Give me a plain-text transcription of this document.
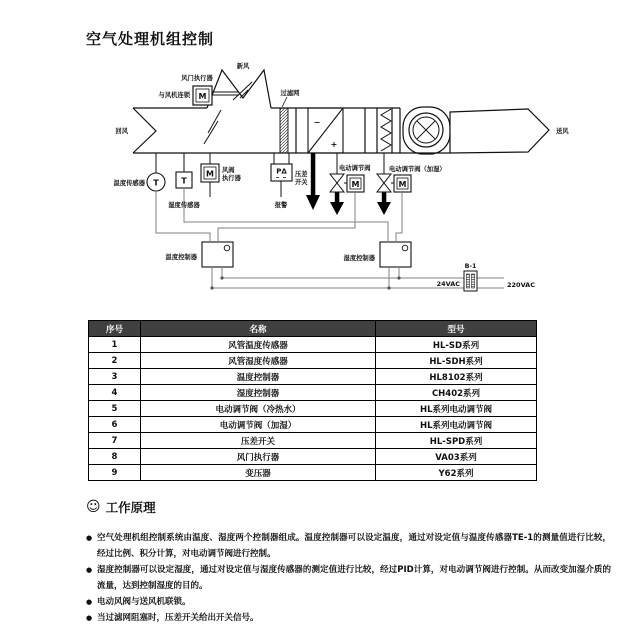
空气处理机组控制
M
−
+
T	T
M	PΔ
M	M
新风
风门执行器
与风机连锁	过滤网
回风	送风
温度传感器
湿度传感器
风阀
执行器
压差
开关
报警
电动调节阀	电动调节阀（加湿）
温度控制器	湿度控制器
B-1
24VAC	220VAC
序号	名称	型号
1	风管温度传感器	HL-SD系列
2	风管湿度传感器	HL-SDH系列
3	温度控制器	HL8102系列
4	湿度控制器	CH402系列
5	电动调节阀（冷热水）	HL系列电动调节阀
6	电动调节阀（加湿）	HL系列电动调节阀
7	压差开关	HL-SPD系列
8	风门执行器	VA03系列
9	变压器	Y62系列
☺ 工作原理
● 空气处理机组控制系统由温度、湿度两个控制器组成。温度控制器可以设定温度，通过对设定值与温度传感器TE-1的测量值进行比较，经过比例、积分计算，对电动调节阀进行控制。
● 湿度控制器可以设定湿度，通过对设定值与湿度传感器的测定值进行比较，经过PID计算，对电动调节阀进行控制。从而改变加湿介质的流量，达到控制湿度的目的。
● 电动风阀与送风机联锁。
● 当过滤网阻塞时，压差开关给出开关信号。
